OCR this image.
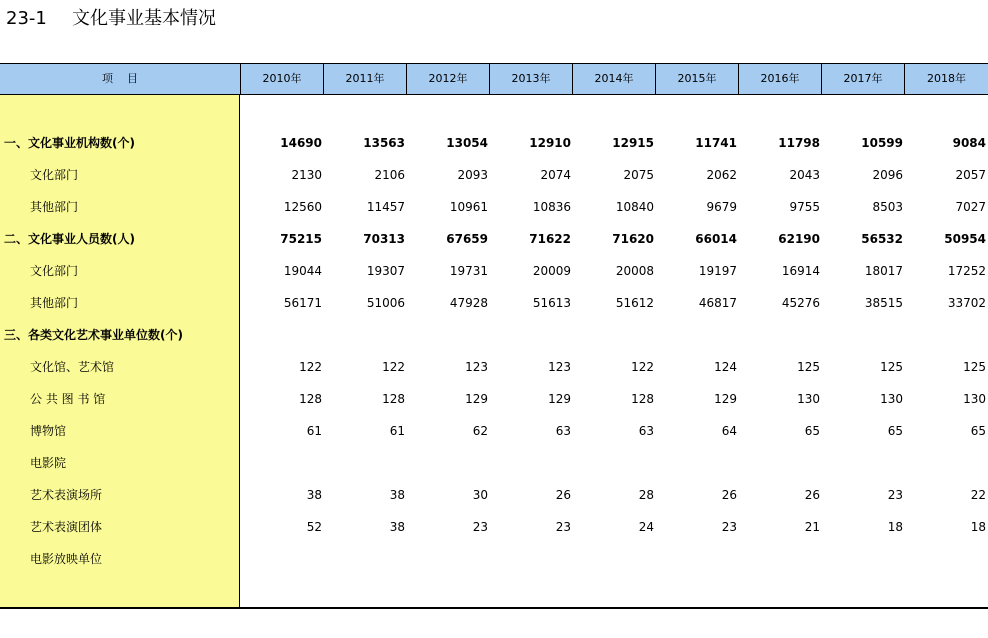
23-1 文化事业基本情况
项目	2010年	2011年	2012年	2013年	2014年	2015年	2016年	2017年	2018年
一、文化事业机构数(个)	14690	13563	13054	12910	12915	11741	11798	10599	9084
文化部门	2130	2106	2093	2074	2075	2062	2043	2096	2057
其他部门	12560	11457	10961	10836	10840	9679	9755	8503	7027
二、文化事业人员数(人)	75215	70313	67659	71622	71620	66014	62190	56532	50954
文化部门	19044	19307	19731	20009	20008	19197	16914	18017	17252
其他部门	56171	51006	47928	51613	51612	46817	45276	38515	33702
三、各类文化艺术事业单位数(个)
文化馆、艺术馆	122	122	123	123	122	124	125	125	125
公 共 图 书 馆	128	128	129	129	128	129	130	130	130
博物馆	61	61	62	63	63	64	65	65	65
电影院
艺术表演场所	38	38	30	26	28	26	26	23	22
艺术表演团体	52	38	23	23	24	23	21	18	18
电影放映单位
